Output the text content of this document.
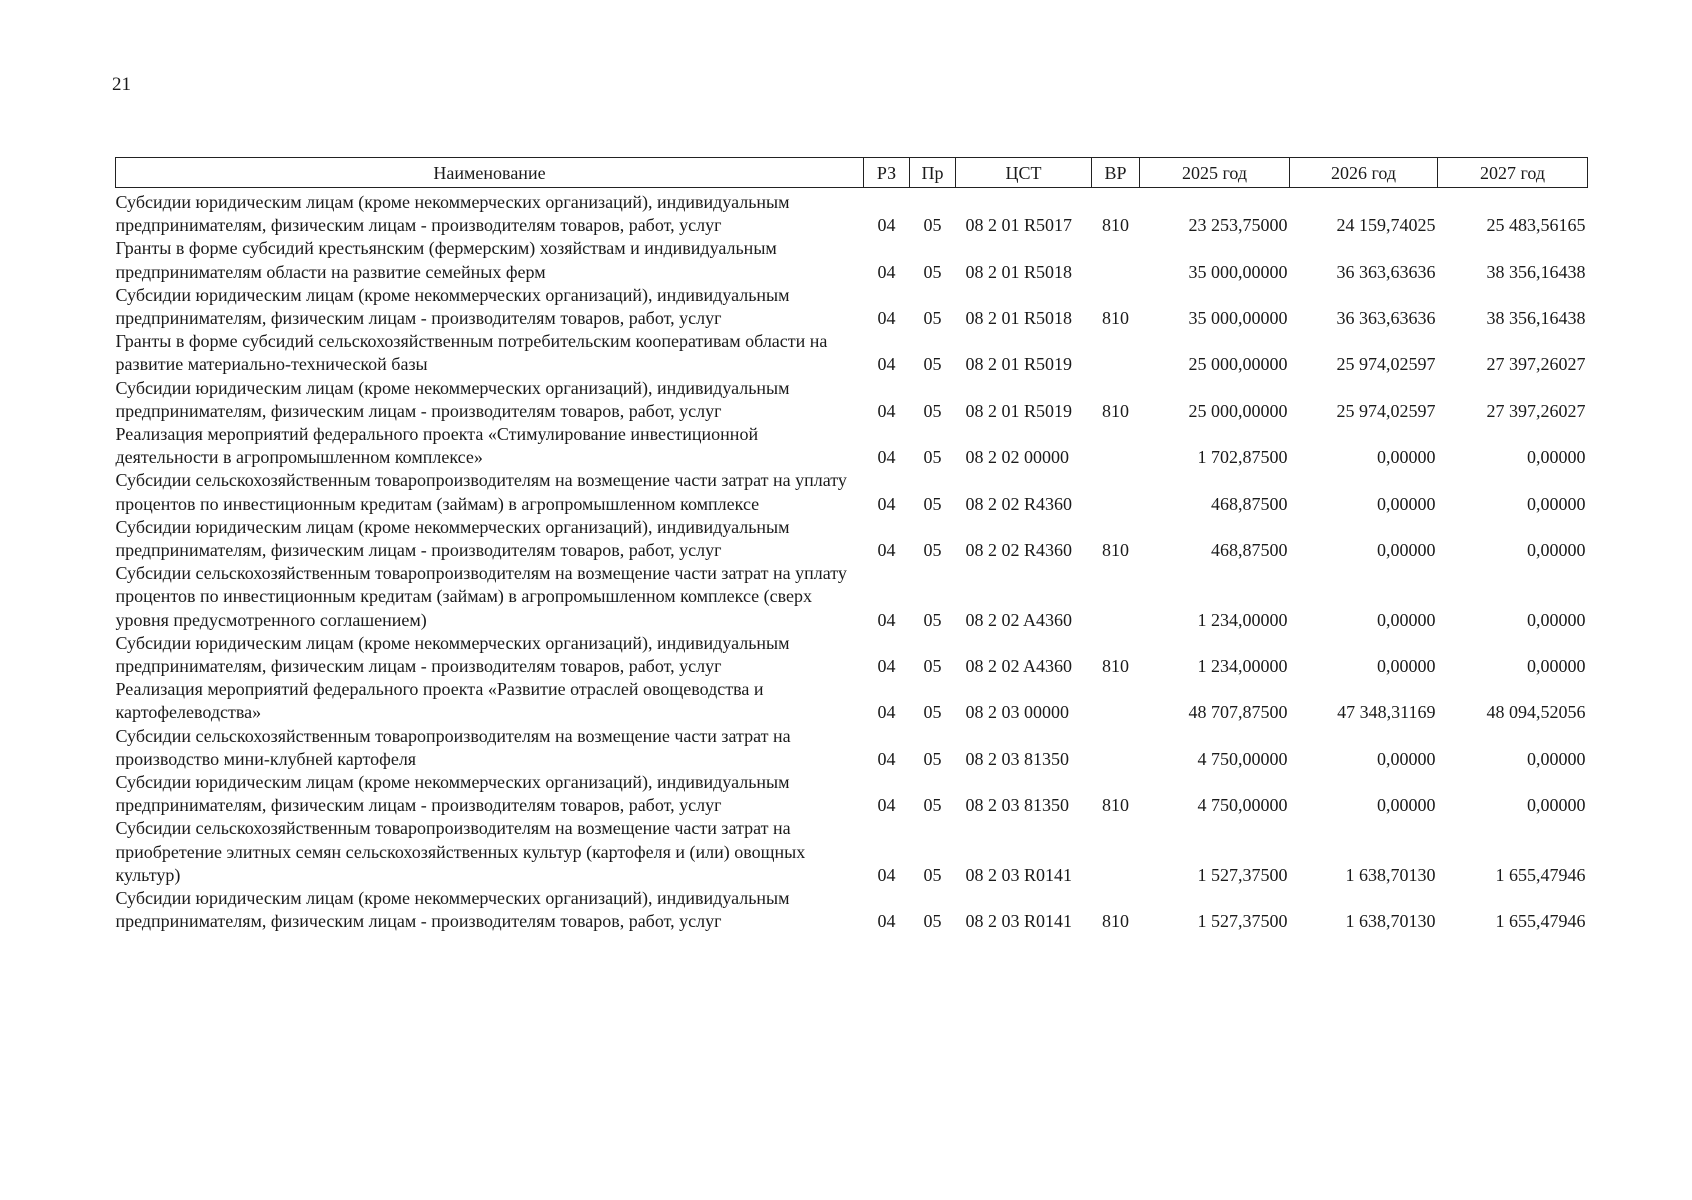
21
Наименование	РЗ	Пр	ЦСТ	ВР	2025 год	2026 год	2027 год

Субсидии юридическим лицам (кроме некоммерческих организаций), индивидуальным предпринимателям, физическим лицам - производителям товаров, работ, услуг	04	05	08 2 01 R5017	810	23 253,75000	24 159,74025	25 483,56165
Гранты в форме субсидий крестьянским (фермерским) хозяйствам и индивидуальным предпринимателям области на развитие семейных ферм	04	05	08 2 01 R5018		35 000,00000	36 363,63636	38 356,16438
Субсидии юридическим лицам (кроме некоммерческих организаций), индивидуальным предпринимателям, физическим лицам - производителям товаров, работ, услуг	04	05	08 2 01 R5018	810	35 000,00000	36 363,63636	38 356,16438
Гранты в форме субсидий сельскохозяйственным потребительским кооперативам области на развитие материально-технической базы	04	05	08 2 01 R5019		25 000,00000	25 974,02597	27 397,26027
Субсидии юридическим лицам (кроме некоммерческих организаций), индивидуальным предпринимателям, физическим лицам - производителям товаров, работ, услуг	04	05	08 2 01 R5019	810	25 000,00000	25 974,02597	27 397,26027
Реализация мероприятий федерального проекта «Стимулирование инвестиционной деятельности в агропромышленном комплексе»	04	05	08 2 02 00000		1 702,87500	0,00000	0,00000
Субсидии сельскохозяйственным товаропроизводителям на возмещение части затрат на уплату процентов по инвестиционным кредитам (займам) в агропромышленном комплексе	04	05	08 2 02 R4360		468,87500	0,00000	0,00000
Субсидии юридическим лицам (кроме некоммерческих организаций), индивидуальным предпринимателям, физическим лицам - производителям товаров, работ, услуг	04	05	08 2 02 R4360	810	468,87500	0,00000	0,00000
Субсидии сельскохозяйственным товаропроизводителям на возмещение части затрат на уплату процентов по инвестиционным кредитам (займам) в агропромышленном комплексе (сверх уровня предусмотренного соглашением)	04	05	08 2 02 A4360		1 234,00000	0,00000	0,00000
Субсидии юридическим лицам (кроме некоммерческих организаций), индивидуальным предпринимателям, физическим лицам - производителям товаров, работ, услуг	04	05	08 2 02 A4360	810	1 234,00000	0,00000	0,00000
Реализация мероприятий федерального проекта «Развитие отраслей овощеводства и картофелеводства»	04	05	08 2 03 00000		48 707,87500	47 348,31169	48 094,52056
Субсидии сельскохозяйственным товаропроизводителям на возмещение части затрат на производство мини-клубней картофеля	04	05	08 2 03 81350		4 750,00000	0,00000	0,00000
Субсидии юридическим лицам (кроме некоммерческих организаций), индивидуальным предпринимателям, физическим лицам - производителям товаров, работ, услуг	04	05	08 2 03 81350	810	4 750,00000	0,00000	0,00000
Субсидии сельскохозяйственным товаропроизводителям на возмещение части затрат на приобретение элитных семян сельскохозяйственных культур (картофеля и (или) овощных культур)	04	05	08 2 03 R0141		1 527,37500	1 638,70130	1 655,47946
Субсидии юридическим лицам (кроме некоммерческих организаций), индивидуальным предпринимателям, физическим лицам - производителям товаров, работ, услуг	04	05	08 2 03 R0141	810	1 527,37500	1 638,70130	1 655,47946
